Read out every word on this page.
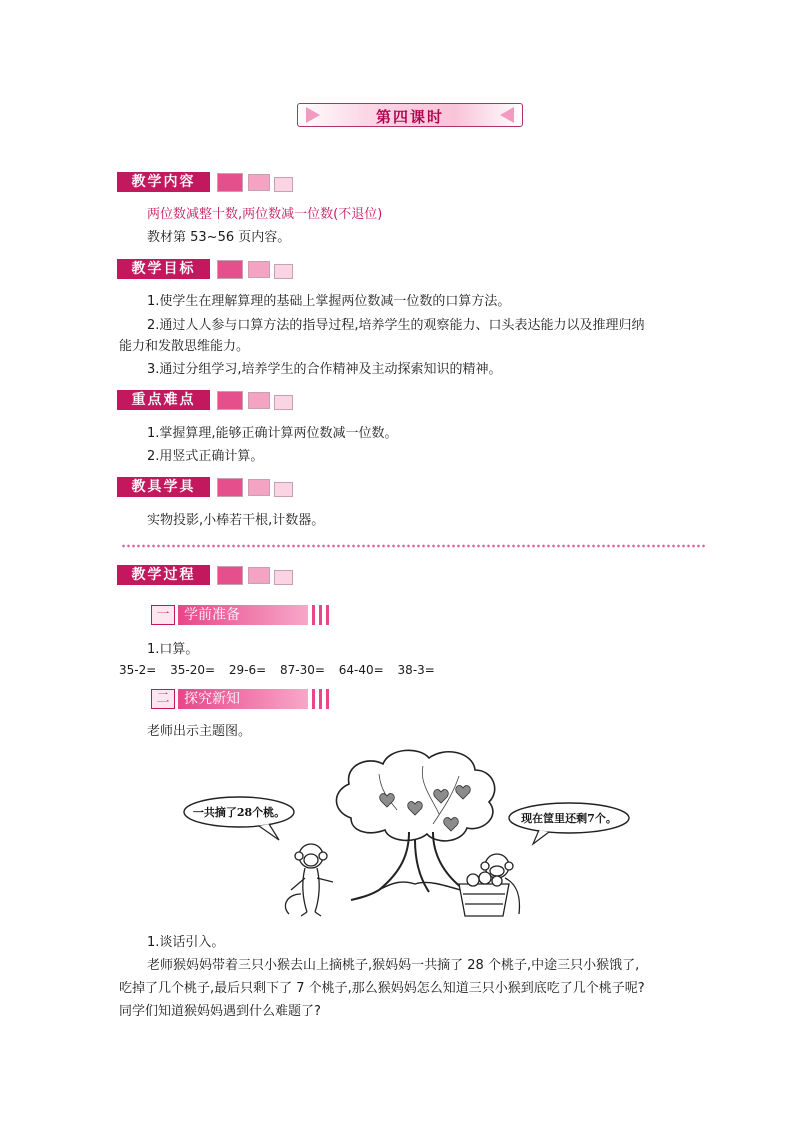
第四课时
教学内容
两位数减整十数,两位数减一位数(不退位)
教材第 53~56 页内容。
教学目标
1.使学生在理解算理的基础上掌握两位数减一位数的口算方法。
2.通过人人参与口算方法的指导过程,培养学生的观察能力、口头表达能力以及推理归纳
能力和发散思维能力。
3.通过分组学习,培养学生的合作精神及主动探索知识的精神。
重点难点
1.掌握算理,能够正确计算两位数减一位数。
2.用竖式正确计算。
教具学具
实物投影,小棒若干根,计数器。
教学过程
一	学前准备
1.口算。
35-2= 35-20= 29-6= 87-30= 64-40= 38-3=
二	探究新知
老师出示主题图。
一共摘了28个桃。	现在筐里还剩7个。
1.谈话引入。
老师猴妈妈带着三只小猴去山上摘桃子,猴妈妈一共摘了 28 个桃子,中途三只小猴饿了,
吃掉了几个桃子,最后只剩下了 7 个桃子,那么猴妈妈怎么知道三只小猴到底吃了几个桃子呢?
同学们知道猴妈妈遇到什么难题了?
